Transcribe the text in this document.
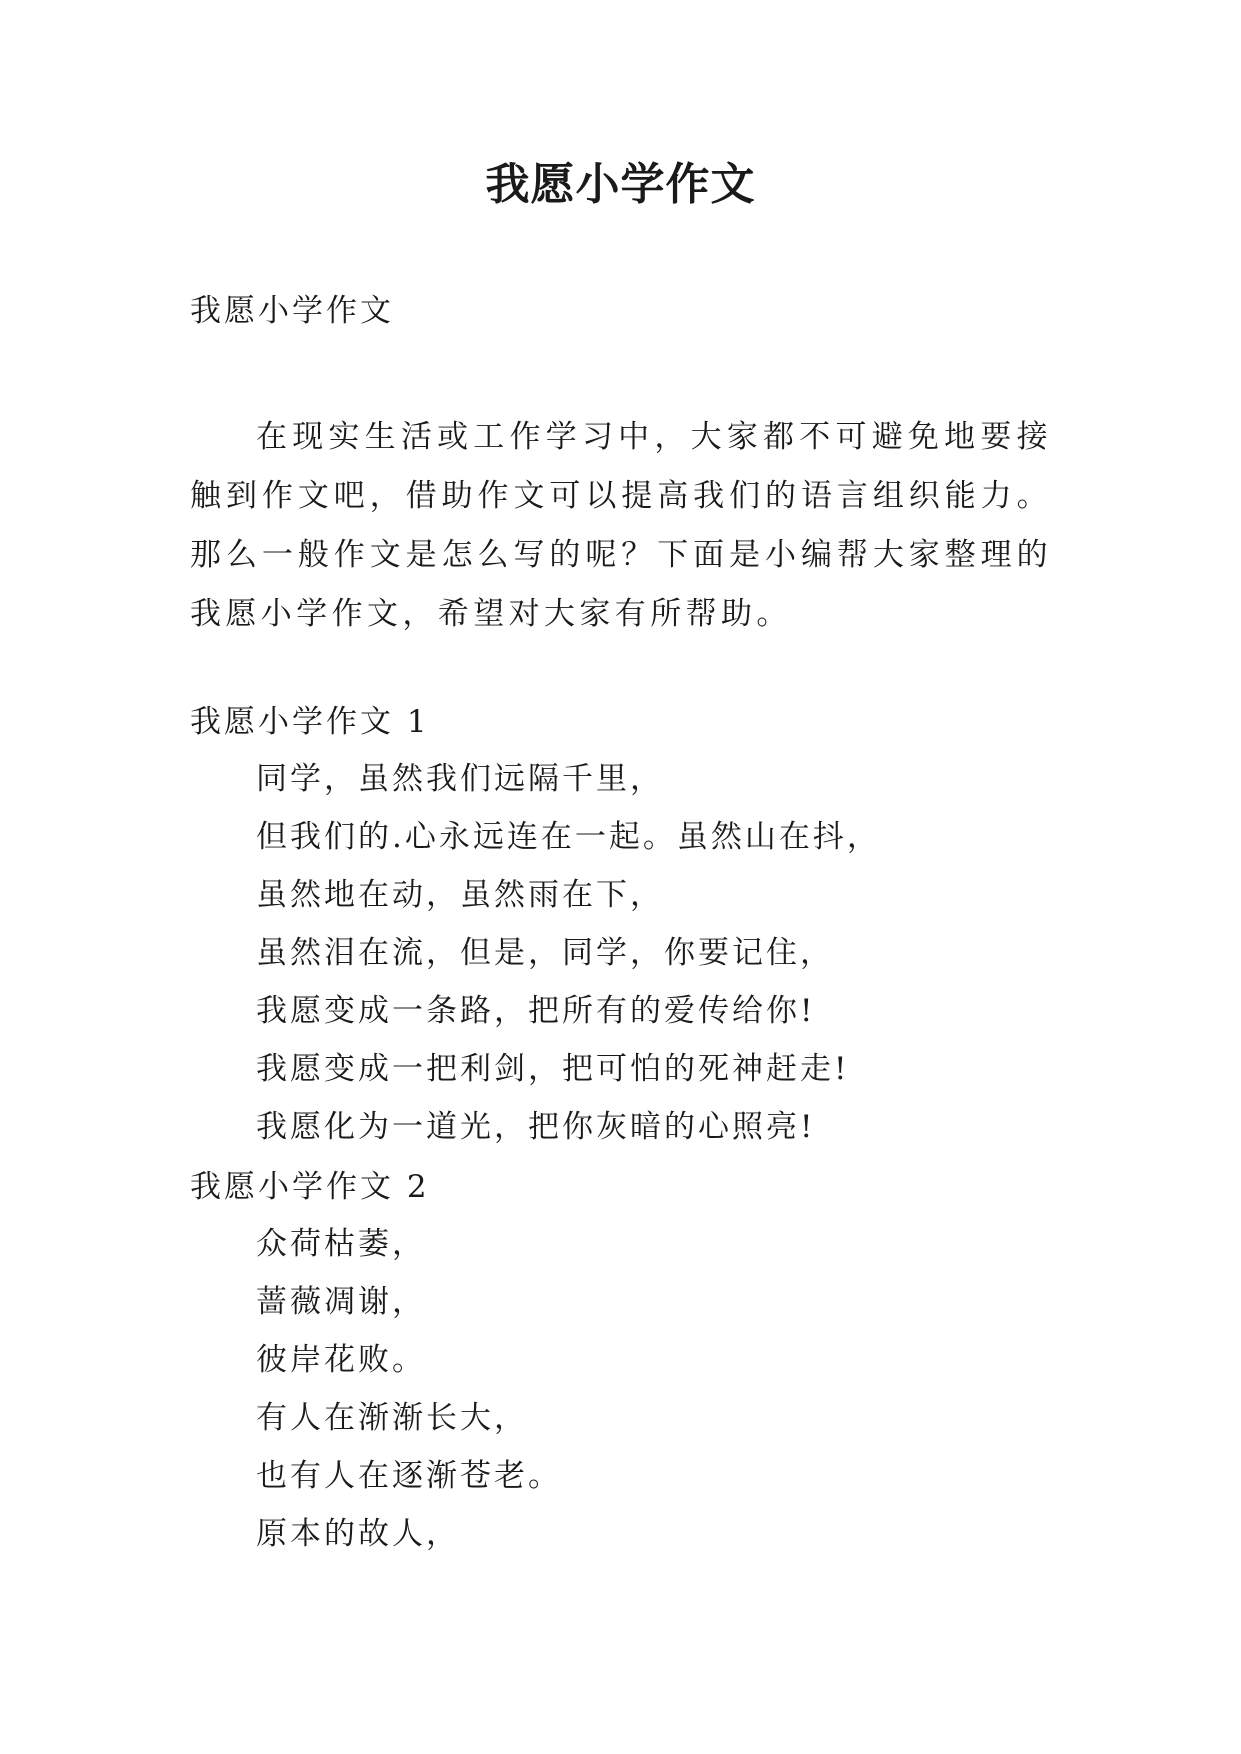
我愿小学作文
我愿小学作文

在现实生活或工作学习中，大家都不可避免地要接触到作文吧，借助作文可以提高我们的语言组织能力。那么一般作文是怎么写的呢？下面是小编帮大家整理的我愿小学作文，希望对大家有所帮助。

我愿小学作文 1
同学，虽然我们远隔千里，
但我们的.心永远连在一起。虽然山在抖，
虽然地在动，虽然雨在下，
虽然泪在流，但是，同学，你要记住，
我愿变成一条路，把所有的爱传给你!
我愿变成一把利剑，把可怕的死神赶走!
我愿化为一道光，把你灰暗的心照亮!
我愿小学作文 2
众荷枯萎，
蔷薇凋谢，
彼岸花败。
有人在渐渐长大，
也有人在逐渐苍老。
原本的故人，
